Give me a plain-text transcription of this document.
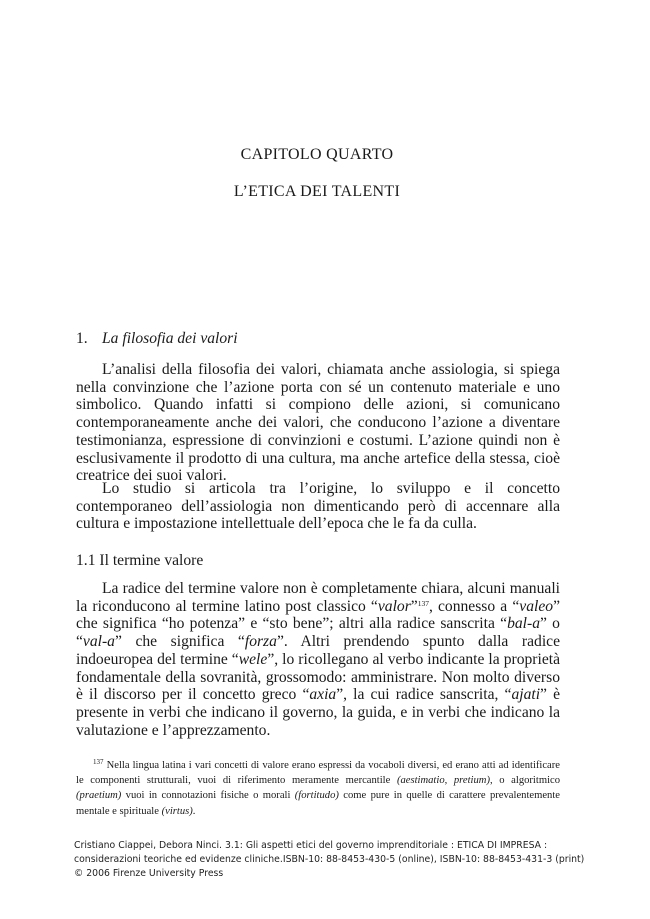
CAPITOLO QUARTO
L’ETICA DEI TALENTI
1. La filosofia dei valori

L’analisi della filosofia dei valori, chiamata anche assiologia, si spiega nella convinzione che l’azione porta con sé un contenuto materiale e uno simbolico. Quando infatti si compiono delle azioni, si comunicano contemporaneamente anche dei valori, che conducono l’azione a diventare testimonianza, espressione di convinzioni e costumi. L’azione quindi non è esclusivamente il prodotto di una cultura, ma anche artefice della stessa, cioè creatrice dei suoi valori.

Lo studio si articola tra l’origine, lo sviluppo e il concetto contemporaneo dell’assiologia non dimenticando però di accennare alla cultura e impostazione intellettuale dell’epoca che le fa da culla.

1.1 Il termine valore

La radice del termine valore non è completamente chiara, alcuni manuali la riconducono al termine latino post classico “valor”$^{137}$, connesso a “valeo” che significa “ho potenza” e “sto bene”; altri alla radice sanscrita “bal-a” o “val-a” che significa “forza”. Altri prendendo spunto dalla radice indoeuropea del termine “wele”, lo ricollegano al verbo indicante la proprietà fondamentale della sovranità, grossomodo: amministrare. Non molto diverso è il discorso per il concetto greco “axia”, la cui radice sanscrita, “ajati” è presente in verbi che indicano il governo, la guida, e in verbi che indicano la valutazione e l’apprezzamento.

$^{137}$ Nella lingua latina i vari concetti di valore erano espressi da vocaboli diversi, ed erano atti ad identificare le componenti strutturali, vuoi di riferimento meramente mercantile (aestimatio, pretium), o algoritmico (praetium) vuoi in connotazioni fisiche o morali (fortitudo) come pure in quelle di carattere prevalentemente mentale e spirituale (virtus).

Cristiano Ciappei, Debora Ninci. 3.1: Gli aspetti etici del governo imprenditoriale : ETICA DI IMPRESA :
considerazioni teoriche ed evidenze cliniche.ISBN-10: 88-8453-430-5 (online), ISBN-10: 88-8453-431-3 (print)
© 2006 Firenze University Press
